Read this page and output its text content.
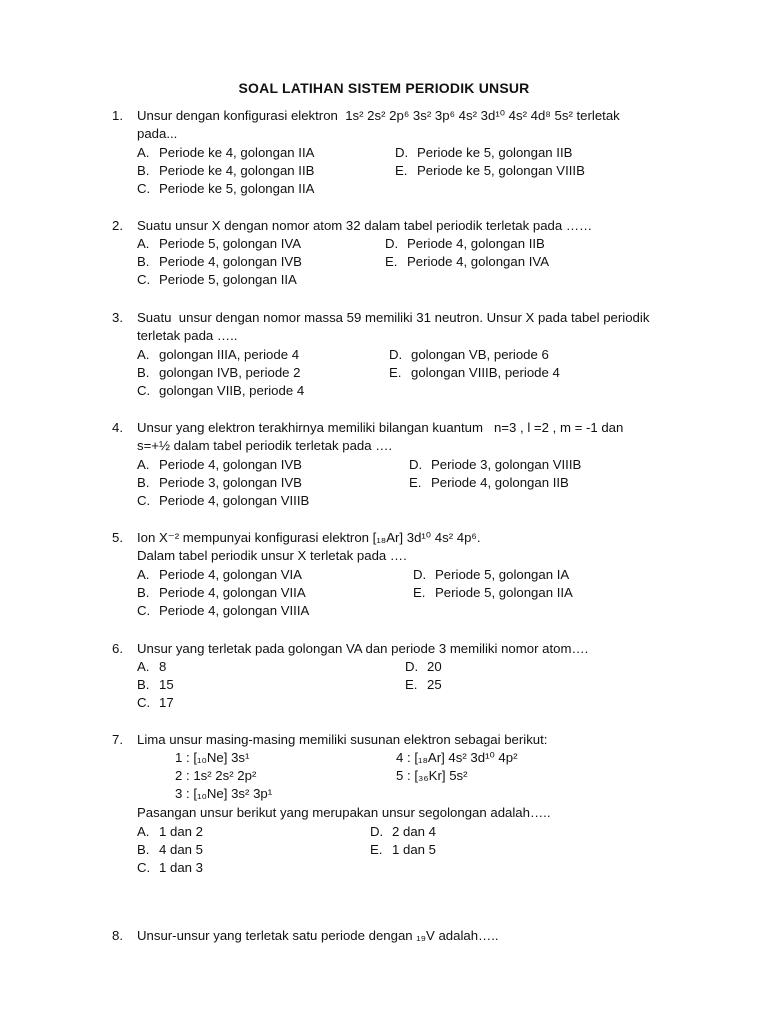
SOAL LATIHAN SISTEM PERIODIK UNSUR
1.	Unsur dengan konfigurasi elektron  1s² 2s² 2p⁶ 3s² 3p⁶ 4s² 3d¹⁰ 4s² 4d⁸ 5s² terletak
pada...
A. Periode ke 4, golongan IIA
B. Periode ke 4, golongan IIB
C. Periode ke 5, golongan IIA
D. Periode ke 5, golongan IIB
E. Periode ke 5, golongan VIIIB
2.	Suatu unsur X dengan nomor atom 32 dalam tabel periodik terletak pada ……
A. Periode 5, golongan IVA
B. Periode 4, golongan IVB
C. Periode 5, golongan IIA
D. Periode 4, golongan IIB
E. Periode 4, golongan IVA
3.	Suatu  unsur dengan nomor massa 59 memiliki 31 neutron. Unsur X pada tabel periodik
terletak pada …..
A. golongan IIIA, periode 4
B. golongan IVB, periode 2
C. golongan VIIB, periode 4
D. golongan VB, periode 6
E. golongan VIIIB, periode 4
4.	Unsur yang elektron terakhirnya memiliki bilangan kuantum   n=3 , l =2 , m = -1 dan
s=+½ dalam tabel periodik terletak pada ….
A. Periode 4, golongan IVB
B. Periode 3, golongan IVB
C. Periode 4, golongan VIIIB
D. Periode 3, golongan VIIIB
E. Periode 4, golongan IIB
5.	Ion X⁻² mempunyai konfigurasi elektron [₁₈Ar] 3d¹⁰ 4s² 4p⁶.
Dalam tabel periodik unsur X terletak pada ….
A. Periode 4, golongan VIA
B. Periode 4, golongan VIIA
C. Periode 4, golongan VIIIA
D. Periode 5, golongan IA
E. Periode 5, golongan IIA
6.	Unsur yang terletak pada golongan VA dan periode 3 memiliki nomor atom….
A. 8
B. 15
C. 17
D. 20
E. 25
7.	Lima unsur masing-masing memiliki susunan elektron sebagai berikut:
1 : [₁₀Ne] 3s¹
2 : 1s² 2s² 2p²
3 : [₁₀Ne] 3s² 3p¹
4 : [₁₈Ar] 4s² 3d¹⁰ 4p²
5 : [₃₆Kr] 5s²
Pasangan unsur berikut yang merupakan unsur segolongan adalah…..
A. 1 dan 2
B. 4 dan 5
C. 1 dan 3
D. 2 dan 4
E. 1 dan 5
8.	Unsur-unsur yang terletak satu periode dengan ₁₉V adalah…..
